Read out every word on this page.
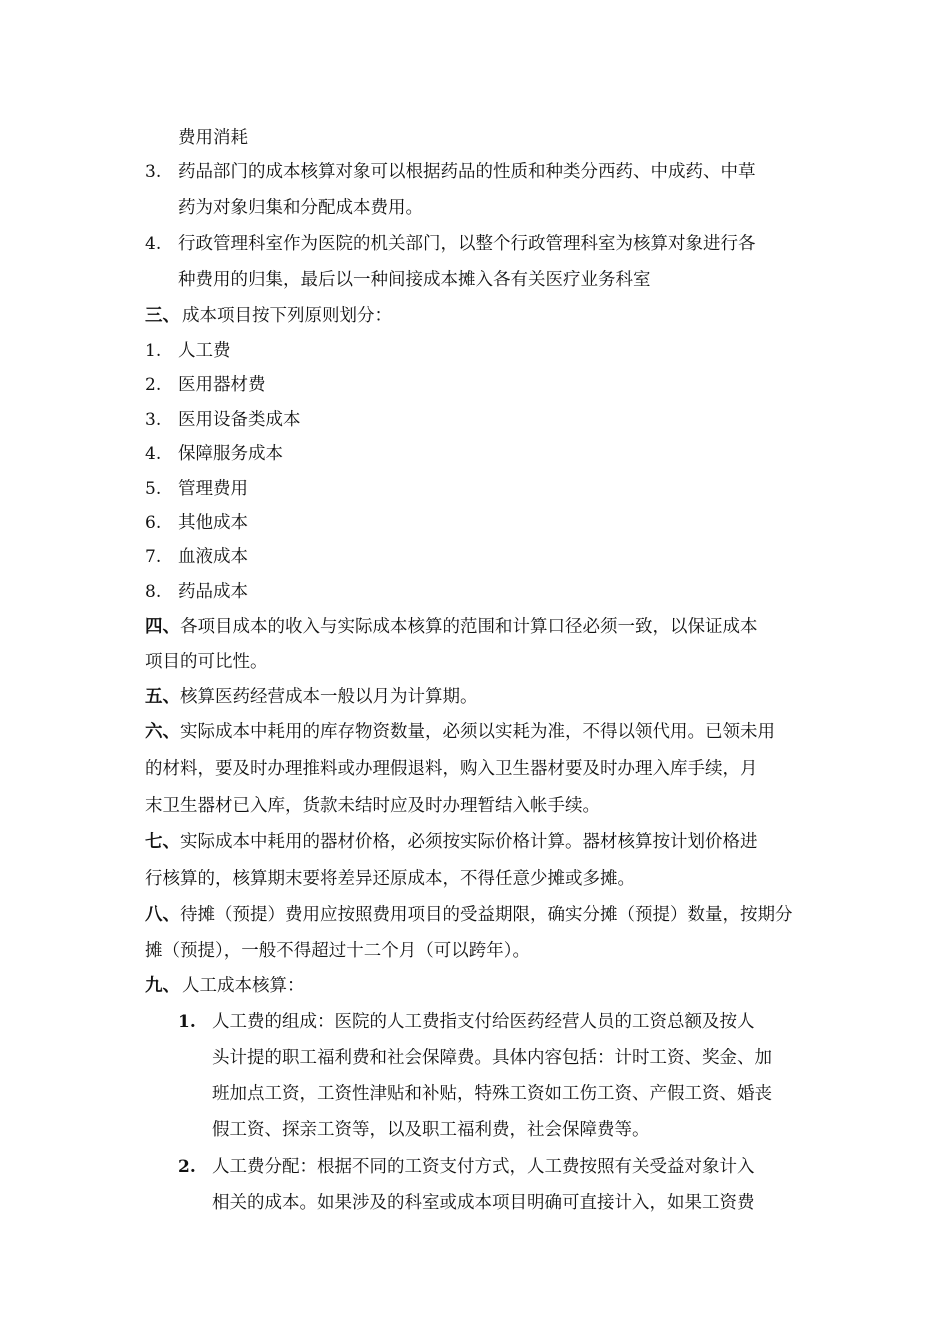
费用消耗
3. 药品部门的成本核算对象可以根据药品的性质和种类分西药、中成药、中草
药为对象归集和分配成本费用。
4. 行政管理科室作为医院的机关部门，以整个行政管理科室为核算对象进行各
种费用的归集，最后以一种间接成本摊入各有关医疗业务科室
三、 成本项目按下列原则划分：
1. 人工费
2. 医用器材费
3. 医用设备类成本
4. 保障服务成本
5. 管理费用
6. 其他成本
7. 血液成本
8. 药品成本
四、 各项目成本的收入与实际成本核算的范围和计算口径必须一致，以保证成本
项目的可比性。
五、 核算医药经营成本一般以月为计算期。
六、 实际成本中耗用的库存物资数量，必须以实耗为准，不得以领代用。已领未用
的材料，要及时办理推料或办理假退料，购入卫生器材要及时办理入库手续，月
末卫生器材已入库，货款未结时应及时办理暂结入帐手续。
七、 实际成本中耗用的器材价格，必须按实际价格计算。器材核算按计划价格进
行核算的，核算期末要将差异还原成本，不得任意少摊或多摊。
八、 待摊（预提）费用应按照费用项目的受益期限，确实分摊（预提）数量，按期分
摊（预提），一般不得超过十二个月（可以跨年）。
九、 人工成本核算：
1. 人工费的组成：医院的人工费指支付给医药经营人员的工资总额及按人
头计提的职工福利费和社会保障费。具体内容包括：计时工资、奖金、加
班加点工资，工资性津贴和补贴，特殊工资如工伤工资、产假工资、婚丧
假工资、探亲工资等，以及职工福利费，社会保障费等。
2. 人工费分配：根据不同的工资支付方式，人工费按照有关受益对象计入
相关的成本。如果涉及的科室或成本项目明确可直接计入，如果工资费
